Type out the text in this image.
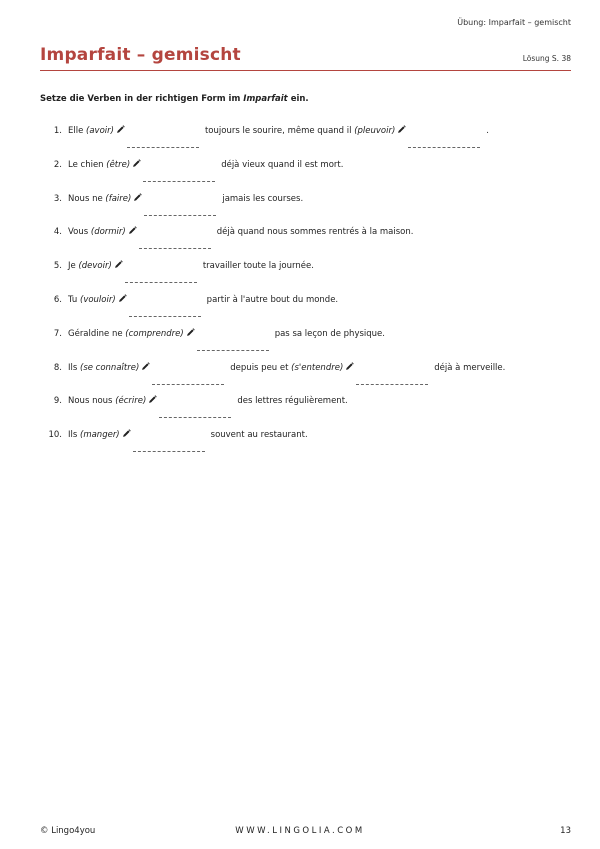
Übung: Imparfait – gemischt
Imparfait – gemischt	Lösung S. 38
Setze die Verben in der richtigen Form im Imparfait ein.
1. Elle (avoir)	toujours le sourire, même quand il (pleuvoir)	.
2. Le chien (être)	déjà vieux quand il est mort.
3. Nous ne (faire)	jamais les courses.
4. Vous (dormir)	déjà quand nous sommes rentrés à la maison.
5. Je (devoir)	travailler toute la journée.
6. Tu (vouloir)	partir à l'autre bout du monde.
7. Géraldine ne (comprendre)	pas sa leçon de physique.
8. Ils (se connaître)	depuis peu et (s'entendre)	déjà à merveille.
9. Nous nous (écrire)	des lettres régulièrement.
10. Ils (manger)	souvent au restaurant.
© Lingo4you	WWW.LINGOLIA.COM	13
